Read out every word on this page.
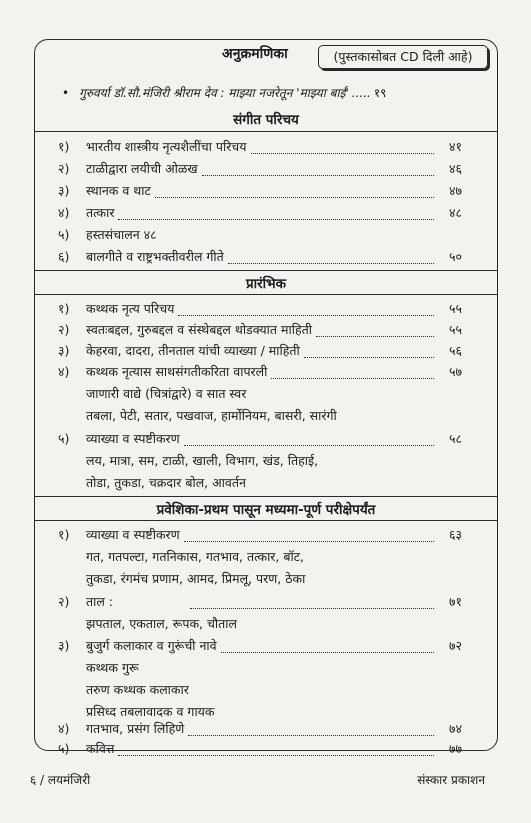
अनुक्रमणिका	(पुस्तकासोबत CD दिली आहे)
• गुरुवर्या डॉ.सौ.मंजिरी श्रीराम देव : माझ्या नजरेतून 'माझ्या बाई' ..... १९
संगीत परिचय
१)	भारतीय शास्त्रीय नृत्यशैलींचा परिचय	४१
२)	टाळीद्वारा लयीची ओळख	४६
३)	स्थानक व थाट	४७
४)	तत्कार	४८
५)	हस्तसंचालन ४८
६)	बालगीते व राष्ट्रभक्तीवरील गीते	५०
प्रारंभिक
१)	कथ्थक नृत्य परिचय	५५
२)	स्वतःबद्दल, गुरुबद्दल व संस्थेबद्दल थोडक्यात माहिती	५५
३)	केहरवा, दादरा, तीनताल यांची व्याख्या / माहिती	५६
४)	कथ्थक नृत्यास साथसंगतीकरिता वापरली	५७
जाणारी वाद्ये (चित्रांद्वारे) व सात स्वर
तबला, पेटी, सतार, पखवाज, हार्मोनियम, बासरी, सारंगी
५)	व्याख्या व स्पष्टीकरण	५८
लय, मात्रा, सम, टाळी, खाली, विभाग, खंड, तिहाई,
तोडा, तुकडा, चक्रदार बोल, आवर्तन
प्रवेशिका-प्रथम पासून मध्यमा-पूर्ण परीक्षेपर्यंत
१)	व्याख्या व स्पष्टीकरण	६३
गत, गतपल्टा, गतनिकास, गतभाव, तत्कार, बॉट,
तुकडा, रंगमंच प्रणाम, आमद, प्रिमलू, परण, ठेका
२)	ताल :	७१
झपताल, एकताल, रूपक, चौताल
३)	बुजुर्ग कलाकार व गुरूंची नावे	७२
कथ्थक गुरू
तरुण कथ्थक कलाकार
प्रसिध्द तबलावादक व गायक
४)	गतभाव, प्रसंग लिहिणे	७४
५)	कवित्त	७७
६ / लयमंजिरी	संस्कार प्रकाशन
